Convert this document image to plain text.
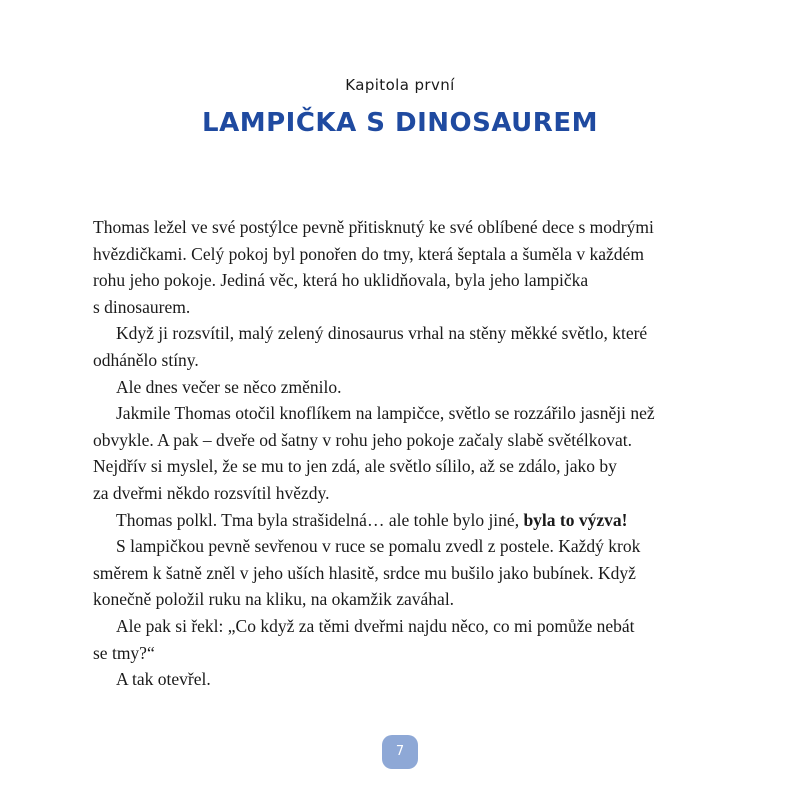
Kapitola první
LAMPIČKA S DINOSAUREM
Thomas ležel ve své postýlce pevně přitisknutý ke své oblíbené dece s modrými
hvězdičkami. Celý pokoj byl ponořen do tmy, která šeptala a šuměla v každém
rohu jeho pokoje. Jediná věc, která ho uklidňovala, byla jeho lampička
s dinosaurem.
Když ji rozsvítil, malý zelený dinosaurus vrhal na stěny měkké světlo, které
odhánělo stíny.
Ale dnes večer se něco změnilo.
Jakmile Thomas otočil knoflíkem na lampičce, světlo se rozzářilo jasněji než
obvykle. A pak – dveře od šatny v rohu jeho pokoje začaly slabě světélkovat.
Nejdřív si myslel, že se mu to jen zdá, ale světlo sílilo, až se zdálo, jako by
za dveřmi někdo rozsvítil hvězdy.
Thomas polkl. Tma byla strašidelná… ale tohle bylo jiné, byla to výzva!
S lampičkou pevně sevřenou v ruce se pomalu zvedl z postele. Každý krok
směrem k šatně zněl v jeho uších hlasitě, srdce mu bušilo jako bubínek. Když
konečně položil ruku na kliku, na okamžik zaváhal.
Ale pak si řekl: „Co když za těmi dveřmi najdu něco, co mi pomůže nebát
se tmy?“
A tak otevřel.
7
